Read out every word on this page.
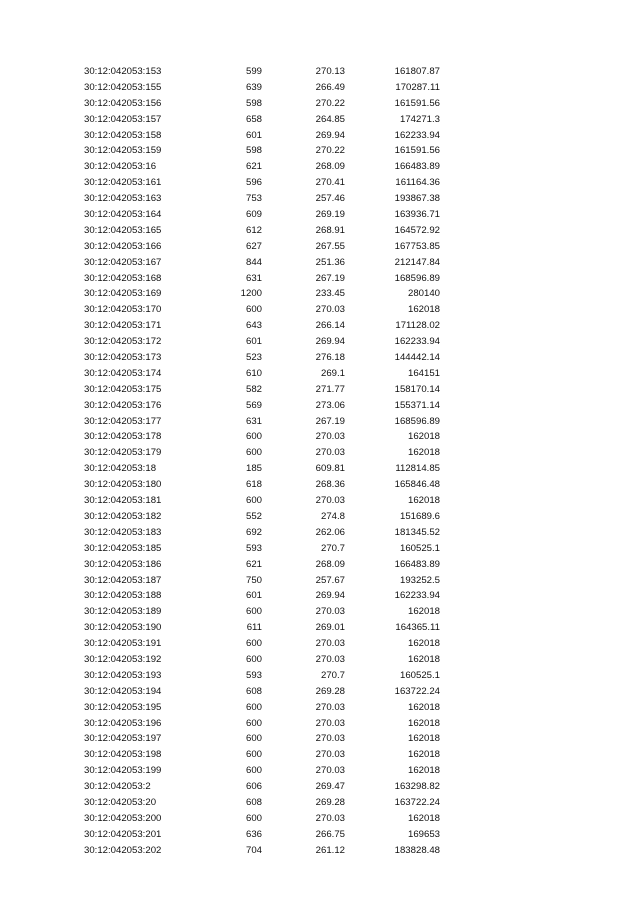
30:12:042053:153	599	270.13	161807.87
30:12:042053:155	639	266.49	170287.11
30:12:042053:156	598	270.22	161591.56
30:12:042053:157	658	264.85	174271.3
30:12:042053:158	601	269.94	162233.94
30:12:042053:159	598	270.22	161591.56
30:12:042053:16	621	268.09	166483.89
30:12:042053:161	596	270.41	161164.36
30:12:042053:163	753	257.46	193867.38
30:12:042053:164	609	269.19	163936.71
30:12:042053:165	612	268.91	164572.92
30:12:042053:166	627	267.55	167753.85
30:12:042053:167	844	251.36	212147.84
30:12:042053:168	631	267.19	168596.89
30:12:042053:169	1200	233.45	280140
30:12:042053:170	600	270.03	162018
30:12:042053:171	643	266.14	171128.02
30:12:042053:172	601	269.94	162233.94
30:12:042053:173	523	276.18	144442.14
30:12:042053:174	610	269.1	164151
30:12:042053:175	582	271.77	158170.14
30:12:042053:176	569	273.06	155371.14
30:12:042053:177	631	267.19	168596.89
30:12:042053:178	600	270.03	162018
30:12:042053:179	600	270.03	162018
30:12:042053:18	185	609.81	112814.85
30:12:042053:180	618	268.36	165846.48
30:12:042053:181	600	270.03	162018
30:12:042053:182	552	274.8	151689.6
30:12:042053:183	692	262.06	181345.52
30:12:042053:185	593	270.7	160525.1
30:12:042053:186	621	268.09	166483.89
30:12:042053:187	750	257.67	193252.5
30:12:042053:188	601	269.94	162233.94
30:12:042053:189	600	270.03	162018
30:12:042053:190	611	269.01	164365.11
30:12:042053:191	600	270.03	162018
30:12:042053:192	600	270.03	162018
30:12:042053:193	593	270.7	160525.1
30:12:042053:194	608	269.28	163722.24
30:12:042053:195	600	270.03	162018
30:12:042053:196	600	270.03	162018
30:12:042053:197	600	270.03	162018
30:12:042053:198	600	270.03	162018
30:12:042053:199	600	270.03	162018
30:12:042053:2	606	269.47	163298.82
30:12:042053:20	608	269.28	163722.24
30:12:042053:200	600	270.03	162018
30:12:042053:201	636	266.75	169653
30:12:042053:202	704	261.12	183828.48
